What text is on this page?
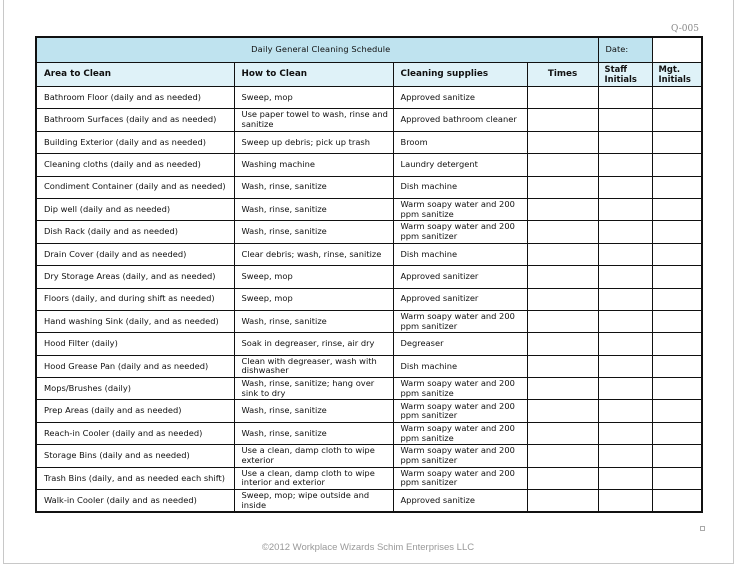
Q-005
Daily General Cleaning Schedule				Date:	
Area to Clean	How to Clean	Cleaning supplies	Times	Staff Initials	Mgt. Initials
Bathroom Floor (daily and as needed)	Sweep, mop	Approved sanitize			
Bathroom Surfaces (daily and as needed)	Use paper towel to wash, rinse and sanitize	Approved bathroom cleaner			
Building Exterior (daily and as needed)	Sweep up debris; pick up trash	Broom			
Cleaning cloths (daily and as needed)	Washing machine	Laundry detergent			
Condiment Container (daily and as needed)	Wash, rinse, sanitize	Dish machine			
Dip well (daily and as needed)	Wash, rinse, sanitize	Warm soapy water and 200 ppm sanitize			
Dish Rack (daily and as needed)	Wash, rinse, sanitize	Warm soapy water and 200 ppm sanitizer			
Drain Cover (daily and as needed)	Clear debris; wash, rinse, sanitize	Dish machine			
Dry Storage Areas (daily, and as needed)	Sweep, mop	Approved sanitizer			
Floors (daily, and during shift as needed)	Sweep, mop	Approved sanitizer			
Hand washing Sink (daily, and as needed)	Wash, rinse, sanitize	Warm soapy water and 200 ppm sanitizer			
Hood Filter (daily)	Soak in degreaser, rinse, air dry	Degreaser			
Hood Grease Pan (daily and as needed)	Clean with degreaser, wash with dishwasher	Dish machine			
Mops/Brushes (daily)	Wash, rinse, sanitize; hang over sink to dry	Warm soapy water and 200 ppm sanitize			
Prep Areas (daily and as needed)	Wash, rinse, sanitize	Warm soapy water and 200 ppm sanitizer			
Reach-in Cooler (daily and as needed)	Wash, rinse, sanitize	Warm soapy water and 200 ppm sanitize			
Storage Bins (daily and as needed)	Use a clean, damp cloth to wipe exterior	Warm soapy water and 200 ppm sanitizer			
Trash Bins (daily, and as needed each shift)	Use a clean, damp cloth to wipe interior and exterior	Warm soapy water and 200 ppm sanitizer			
Walk-in Cooler (daily and as needed)	Sweep, mop; wipe outside and inside	Approved sanitize			
©2012 Workplace Wizards Schim Enterprises LLC
